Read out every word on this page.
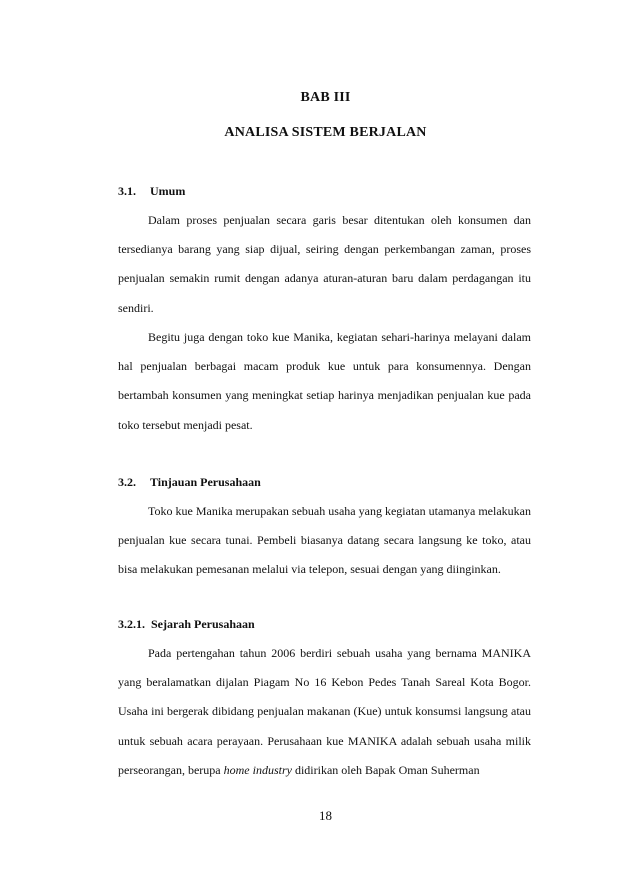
BAB III
ANALISA SISTEM BERJALAN
3.1. Umum

Dalam proses penjualan secara garis besar ditentukan oleh konsumen dan tersedianya barang yang siap dijual, seiring dengan perkembangan zaman, proses penjualan semakin rumit dengan adanya aturan-aturan baru dalam perdagangan itu sendiri.

Begitu juga dengan toko kue Manika, kegiatan sehari-harinya melayani dalam hal penjualan berbagai macam produk kue untuk para konsumennya. Dengan bertambah konsumen yang meningkat setiap harinya menjadikan penjualan kue pada toko tersebut menjadi pesat.

3.2. Tinjauan Perusahaan

Toko kue Manika merupakan sebuah usaha yang kegiatan utamanya melakukan penjualan kue secara tunai. Pembeli biasanya datang secara langsung ke toko, atau bisa melakukan pemesanan melalui via telepon, sesuai dengan yang diinginkan.

3.2.1. Sejarah Perusahaan

Pada pertengahan tahun 2006 berdiri sebuah usaha yang bernama MANIKA yang beralamatkan dijalan Piagam No 16 Kebon Pedes Tanah Sareal Kota Bogor. Usaha ini bergerak dibidang penjualan makanan (Kue) untuk konsumsi langsung atau untuk sebuah acara perayaan. Perusahaan kue MANIKA adalah sebuah usaha milik perseorangan, berupa home industry didirikan oleh Bapak Oman Suherman

18
